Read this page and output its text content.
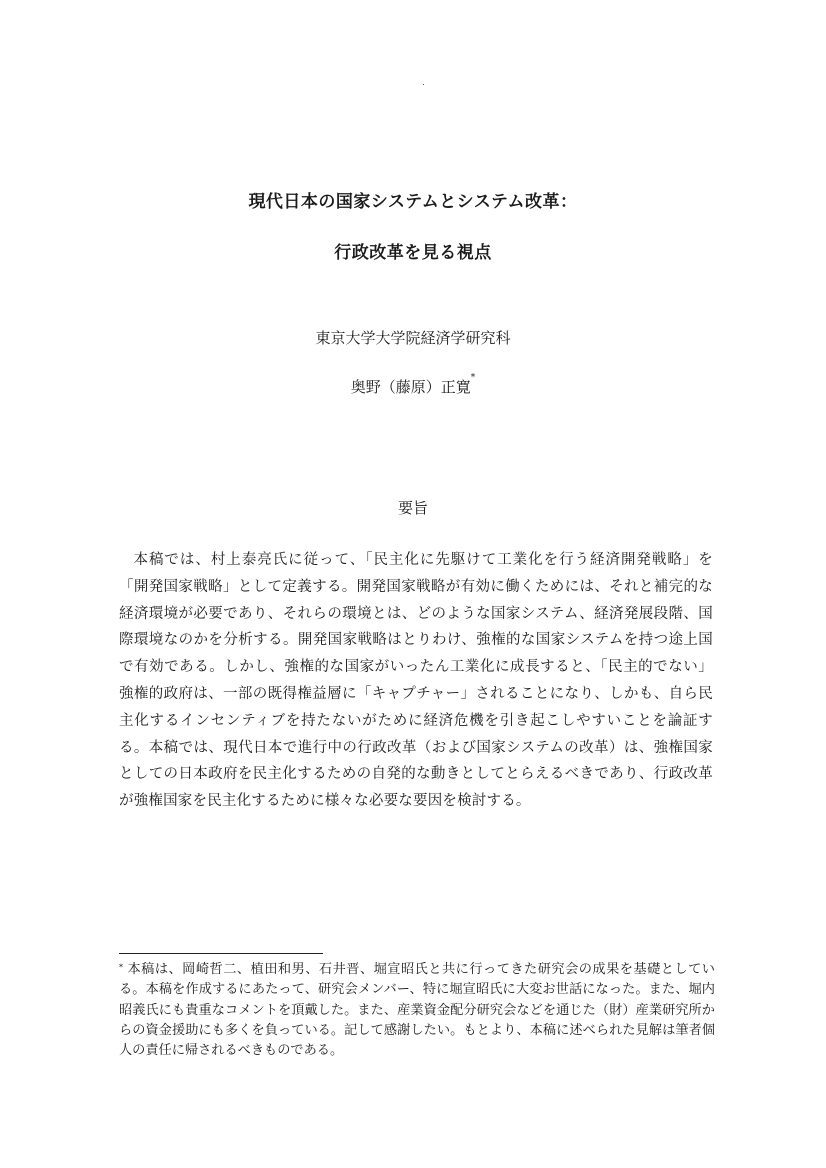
現代日本の国家システムとシステム改革：
行政改革を見る視点
東京大学大学院経済学研究科
奥野（藤原）正寛*
要旨

本稿では、村上泰亮氏に従って、「民主化に先駆けて工業化を行う経済開発戦略」を「開発国家戦略」として定義する。開発国家戦略が有効に働くためには、それと補完的な経済環境が必要であり、それらの環境とは、どのような国家システム、経済発展段階、国際環境なのかを分析する。開発国家戦略はとりわけ、強権的な国家システムを持つ途上国で有効である。しかし、強権的な国家がいったん工業化に成長すると、「民主的でない」強権的政府は、一部の既得権益層に「キャプチャー」されることになり、しかも、自ら民主化するインセンティブを持たないがために経済危機を引き起こしやすいことを論証する。本稿では、現代日本で進行中の行政改革（および国家システムの改革）は、強権国家としての日本政府を民主化するための自発的な動きとしてとらえるべきであり、行政改革が強権国家を民主化するために様々な必要な要因を検討する。

* 本稿は、岡崎哲二、植田和男、石井晋、堀宣昭氏と共に行ってきた研究会の成果を基礎としている。本稿を作成するにあたって、研究会メンバー、特に堀宣昭氏に大変お世話になった。また、堀内昭義氏にも貴重なコメントを頂戴した。また、産業資金配分研究会などを通じた（財）産業研究所からの資金援助にも多くを負っている。記して感謝したい。もとより、本稿に述べられた見解は筆者個人の責任に帰されるべきものである。
